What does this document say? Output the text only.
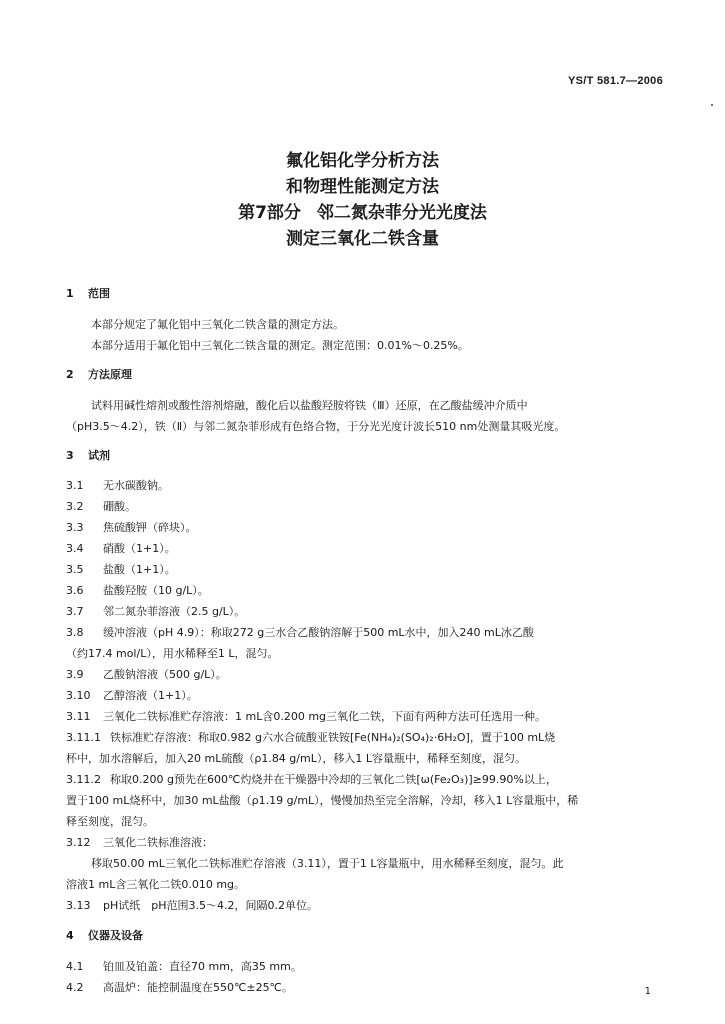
YS/T 581.7—2006
氟化铝化学分析方法
和物理性能测定方法
第7部分 邻二氮杂菲分光光度法
测定三氧化二铁含量
1 范围
本部分规定了氟化铝中三氧化二铁含量的测定方法。
本部分适用于氟化铝中三氧化二铁含量的测定。测定范围：0.01%～0.25%。
2 方法原理
试料用碱性熔剂或酸性溶剂熔融，酸化后以盐酸羟胺将铁（Ⅲ）还原，在乙酸盐缓冲介质中
（pH3.5～4.2），铁（Ⅱ）与邻二氮杂菲形成有色络合物，于分光光度计波长510 nm处测量其吸光度。
3 试剂
3.1 无水碳酸钠。
3.2 硼酸。
3.3 焦硫酸钾（碎块）。
3.4 硝酸（1+1）。
3.5 盐酸（1+1）。
3.6 盐酸羟胺（10 g/L）。
3.7 邻二氮杂菲溶液（2.5 g/L）。
3.8 缓冲溶液（pH 4.9）：称取272 g三水合乙酸钠溶解于500 mL水中，加入240 mL冰乙酸
（约17.4 mol/L），用水稀释至1 L，混匀。
3.9 乙酸钠溶液（500 g/L）。
3.10 乙醇溶液（1+1）。
3.11 三氧化二铁标准贮存溶液：1 mL含0.200 mg三氧化二铁，下面有两种方法可任选用一种。
3.11.1 铁标准贮存溶液：称取0.982 g六水合硫酸亚铁铵[Fe(NH₄)₂(SO₄)₂·6H₂O]，置于100 mL烧
杯中，加水溶解后，加入20 mL硫酸（ρ1.84 g/mL），移入1 L容量瓶中，稀释至刻度，混匀。
3.11.2 称取0.200 g预先在600℃灼烧并在干燥器中冷却的三氧化二铁[ω(Fe₂O₃)]≥99.90%以上，
置于100 mL烧杯中，加30 mL盐酸（ρ1.19 g/mL），慢慢加热至完全溶解，冷却，移入1 L容量瓶中，稀
释至刻度，混匀。
3.12 三氧化二铁标准溶液：
移取50.00 mL三氧化二铁标准贮存溶液（3.11），置于1 L容量瓶中，用水稀释至刻度，混匀。此
溶液1 mL含三氧化二铁0.010 mg。
3.13 pH试纸　pH范围3.5～4.2，间隔0.2单位。
4 仪器及设备
4.1 铂皿及铂盖：直径70 mm，高35 mm。
4.2 高温炉：能控制温度在550℃±25℃。	1
